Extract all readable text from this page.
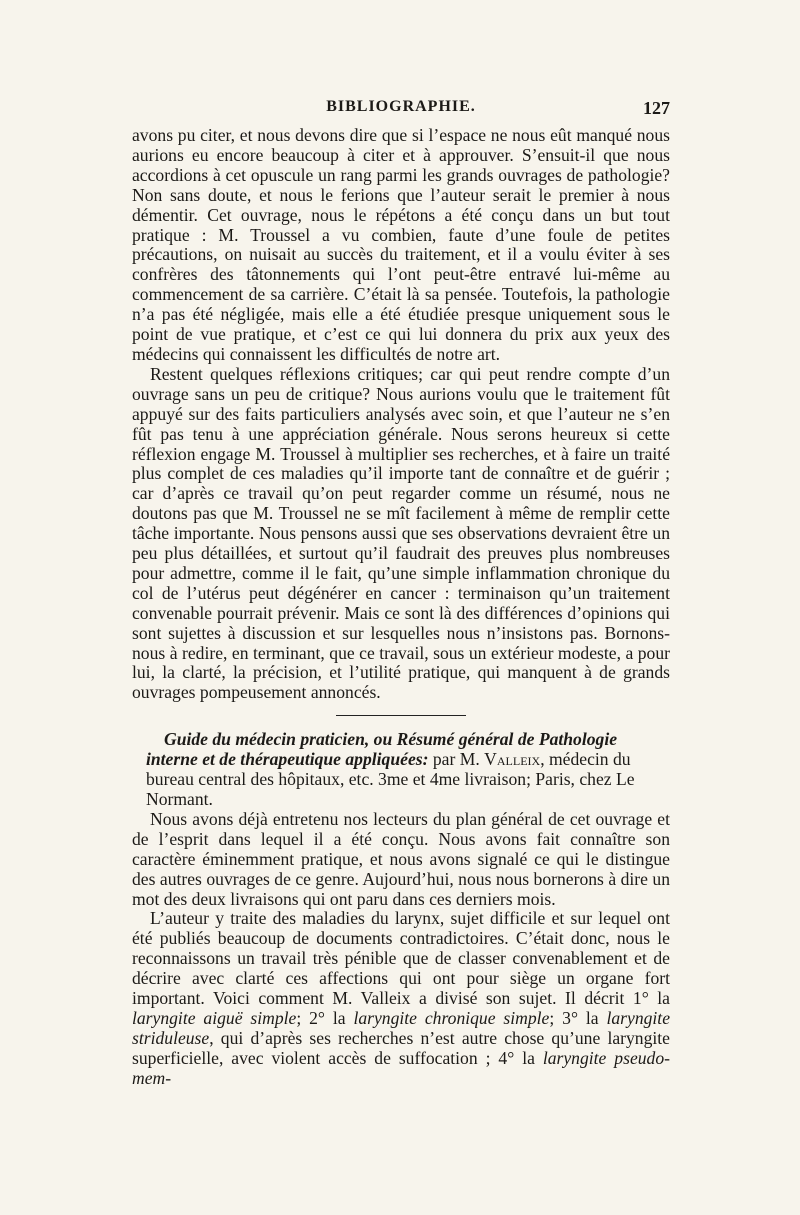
BIBLIOGRAPHIE.	127

avons pu citer, et nous devons dire que si l’espace ne nous eût manqué nous aurions eu encore beaucoup à citer et à approuver. S’ensuit-il que nous accordions à cet opuscule un rang parmi les grands ouvrages de pathologie? Non sans doute, et nous le ferions que l’auteur serait le premier à nous démentir. Cet ouvrage, nous le répétons a été conçu dans un but tout pratique : M. Troussel a vu combien, faute d’une foule de petites précautions, on nuisait au succès du traitement, et il a voulu éviter à ses confrères des tâtonnements qui l’ont peut-être entravé lui-même au commencement de sa carrière. C’était là sa pensée. Toutefois, la pathologie n’a pas été négligée, mais elle a été étudiée presque uniquement sous le point de vue pratique, et c’est ce qui lui donnera du prix aux yeux des médecins qui connaissent les difficultés de notre art.

Restent quelques réflexions critiques; car qui peut rendre compte d’un ouvrage sans un peu de critique? Nous aurions voulu que le traitement fût appuyé sur des faits particuliers analysés avec soin, et que l’auteur ne s’en fût pas tenu à une appréciation générale. Nous serons heureux si cette réflexion engage M. Troussel à multiplier ses recherches, et à faire un traité plus complet de ces maladies qu’il importe tant de connaître et de guérir ; car d’après ce travail qu’on peut regarder comme un résumé, nous ne doutons pas que M. Troussel ne se mît facilement à même de remplir cette tâche importante. Nous pensons aussi que ses observations devraient être un peu plus détaillées, et surtout qu’il faudrait des preuves plus nombreuses pour admettre, comme il le fait, qu’une simple inflammation chronique du col de l’utérus peut dégénérer en cancer : terminaison qu’un traitement convenable pourrait prévenir. Mais ce sont là des différences d’opinions qui sont sujettes à discussion et sur lesquelles nous n’insistons pas. Bornons-nous à redire, en terminant, que ce travail, sous un extérieur modeste, a pour lui, la clarté, la précision, et l’utilité pratique, qui manquent à de grands ouvrages pompeusement annoncés.

Guide du médecin praticien, ou Résumé général de Pathologie interne et de thérapeutique appliquées: par M. Valleix, médecin du bureau central des hôpitaux, etc. 3me et 4me livraison; Paris, chez Le Normant.

Nous avons déjà entretenu nos lecteurs du plan général de cet ouvrage et de l’esprit dans lequel il a été conçu. Nous avons fait connaître son caractère éminemment pratique, et nous avons signalé ce qui le distingue des autres ouvrages de ce genre. Aujourd’hui, nous nous bornerons à dire un mot des deux livraisons qui ont paru dans ces derniers mois.

L’auteur y traite des maladies du larynx, sujet difficile et sur lequel ont été publiés beaucoup de documents contradictoires. C’était donc, nous le reconnaissons un travail très pénible que de classer convenablement et de décrire avec clarté ces affections qui ont pour siège un organe fort important. Voici comment M. Valleix a divisé son sujet. Il décrit 1° la laryngite aiguë simple; 2° la laryngite chronique simple; 3° la laryngite striduleuse, qui d’après ses recherches n’est autre chose qu’une laryngite superficielle, avec violent accès de suffocation ; 4° la laryngite pseudo-mem-
